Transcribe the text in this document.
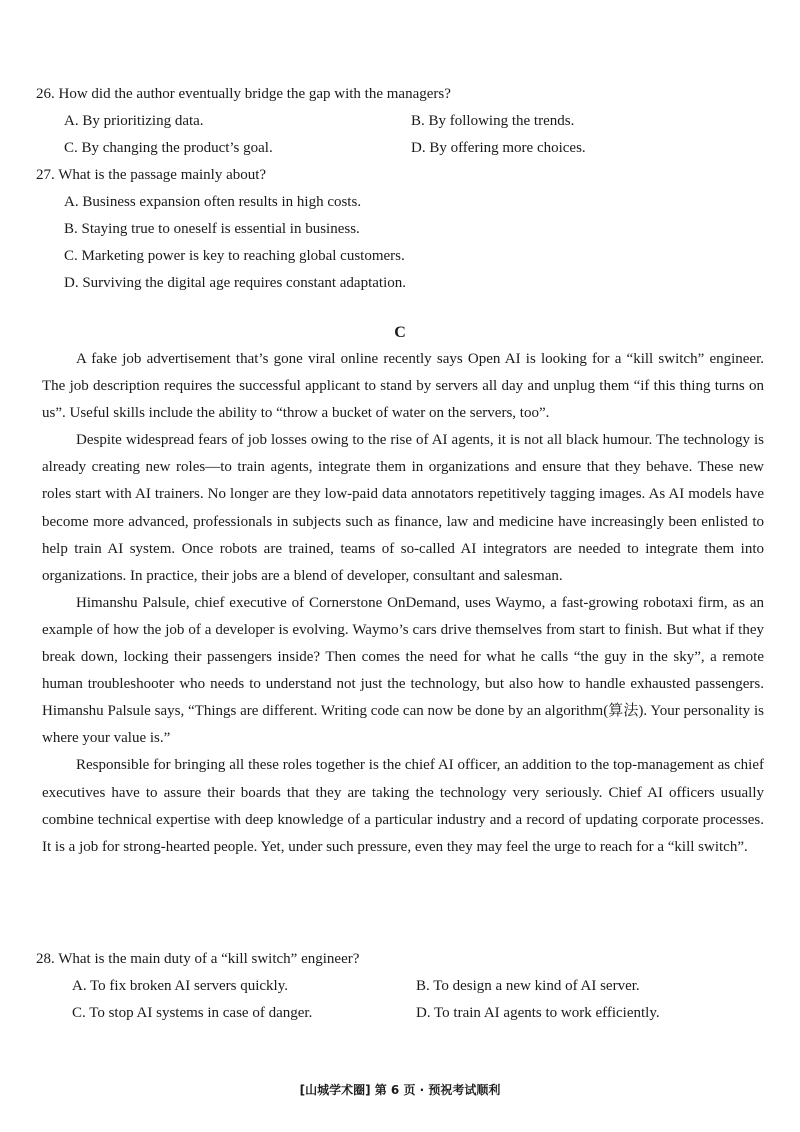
26. How did the author eventually bridge the gap with the managers?
A. By prioritizing data.	B. By following the trends.
C. By changing the product’s goal.	D. By offering more choices.
27. What is the passage mainly about?
A. Business expansion often results in high costs.
B. Staying true to oneself is essential in business.
C. Marketing power is key to reaching global customers.
D. Surviving the digital age requires constant adaptation.
C

A fake job advertisement that’s gone viral online recently says Open AI is looking for a “kill switch” engineer. The job description requires the successful applicant to stand by servers all day and unplug them “if this thing turns on us”. Useful skills include the ability to “throw a bucket of water on the servers, too”.

Despite widespread fears of job losses owing to the rise of AI agents, it is not all black humour. The technology is already creating new roles—to train agents, integrate them in organizations and ensure that they behave. These new roles start with AI trainers. No longer are they low-paid data annotators repetitively tagging images. As AI models have become more advanced, professionals in subjects such as finance, law and medicine have increasingly been enlisted to help train AI system. Once robots are trained, teams of so-called AI integrators are needed to integrate them into organizations. In practice, their jobs are a blend of developer, consultant and salesman.

Himanshu Palsule, chief executive of Cornerstone OnDemand, uses Waymo, a fast-growing robotaxi firm, as an example of how the job of a developer is evolving. Waymo’s cars drive themselves from start to finish. But what if they break down, locking their passengers inside? Then comes the need for what he calls “the guy in the sky”, a remote human troubleshooter who needs to understand not just the technology, but also how to handle exhausted passengers. Himanshu Palsule says, “Things are different. Writing code can now be done by an algorithm(算法). Your personality is where your value is.”

Responsible for bringing all these roles together is the chief AI officer, an addition to the top-management as chief executives have to assure their boards that they are taking the technology very seriously. Chief AI officers usually combine technical expertise with deep knowledge of a particular industry and a record of updating corporate processes. It is a job for strong-hearted people. Yet, under such pressure, even they may feel the urge to reach for a “kill switch”.

28. What is the main duty of a “kill switch” engineer?
A. To fix broken AI servers quickly.	B. To design a new kind of AI server.
C. To stop AI systems in case of danger.	D. To train AI agents to work efficiently.
[山城学术圈] 第 6 页 · 预祝考试顺利
